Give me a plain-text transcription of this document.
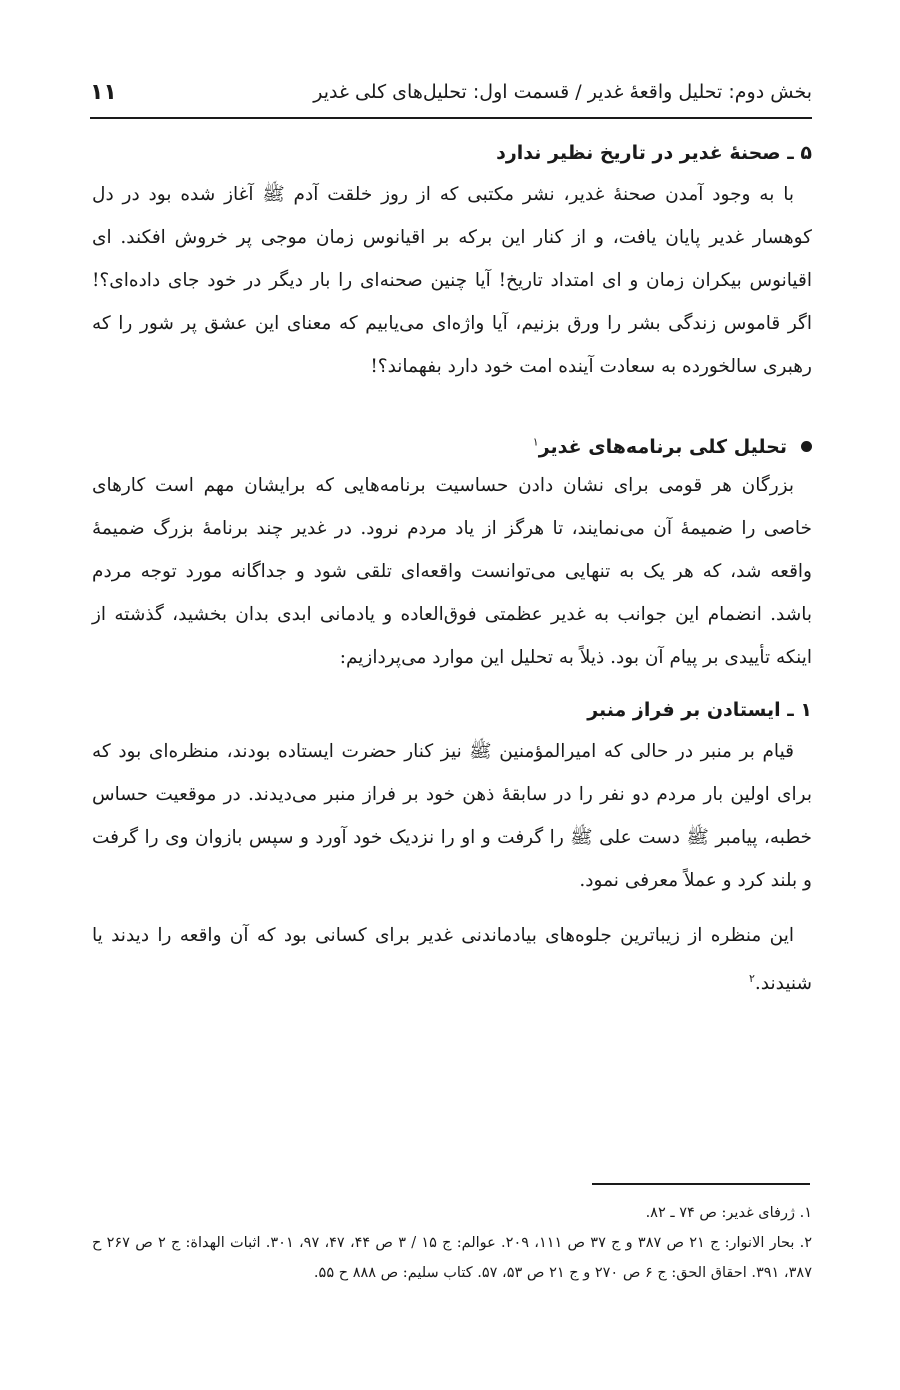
بخش دوم: تحلیل واقعهٔ غدیر / قسمت اول: تحلیل‌های کلی غدیر
۱۱
۵ ـ صحنهٔ غدیر در تاریخ نظیر ندارد

با به وجود آمدن صحنهٔ غدیر، نشر مکتبی که از روز خلقت آدم ﷺ آغاز شده بود در دل کوهسار غدیر پایان یافت، و از کنار این برکه بر اقیانوس زمان موجی پر خروش افکند. ای اقیانوس بیکران زمان و ای امتداد تاریخ! آیا چنین صحنه‌ای را بار دیگر در خود جای داده‌ای؟! اگر قاموس زندگی بشر را ورق بزنیم، آیا واژه‌ای می‌یابیم که معنای این عشق پر شور را که رهبری سالخورده به سعادت آینده امت خود دارد بفهماند؟!

تحلیل کلی برنامه‌های غدیر$^۱$

بزرگان هر قومی برای نشان دادن حساسیت برنامه‌هایی که برایشان مهم است کارهای خاصی را ضمیمهٔ آن می‌نمایند، تا هرگز از یاد مردم نرود. در غدیر چند برنامهٔ بزرگ ضمیمهٔ واقعه شد، که هر یک به تنهایی می‌توانست واقعه‌ای تلقی شود و جداگانه مورد توجه مردم باشد. انضمام این جوانب به غدیر عظمتی فوق‌العاده و یادمانی ابدی بدان بخشید، گذشته از اینکه تأییدی بر پیام آن بود. ذیلاً به تحلیل این موارد می‌پردازیم:

۱ ـ ایستادن بر فراز منبر

قیام بر منبر در حالی که امیرالمؤمنین ﷺ نیز کنار حضرت ایستاده بودند، منظره‌ای بود که برای اولین بار مردم دو نفر را در سابقهٔ ذهن خود بر فراز منبر می‌دیدند. در موقعیت حساس خطبه، پیامبر ﷺ دست علی ﷺ را گرفت و او را نزدیک خود آورد و سپس بازوان وی را گرفت و بلند کرد و عملاً معرفی نمود.

این منظره از زیباترین جلوه‌های بیادماندنی غدیر برای کسانی بود که آن واقعه را دیدند یا شنیدند.$^۲$

۱. ژرفای غدیر: ص ۷۴ ـ ۸۲.

۲. بحار الانوار: ج ۲۱ ص ۳۸۷ و ج ۳۷ ص ۱۱۱، ۲۰۹. عوالم: ج ۱۵ / ۳ ص ۴۴، ۴۷، ۹۷، ۳۰۱. اثبات الهداة: ج ۲ ص ۲۶۷ ح ۳۸۷، ۳۹۱. احقاق الحق: ج ۶ ص ۲۷۰ و ج ۲۱ ص ۵۳، ۵۷. کتاب سلیم: ص ۸۸۸ ح ۵۵.
